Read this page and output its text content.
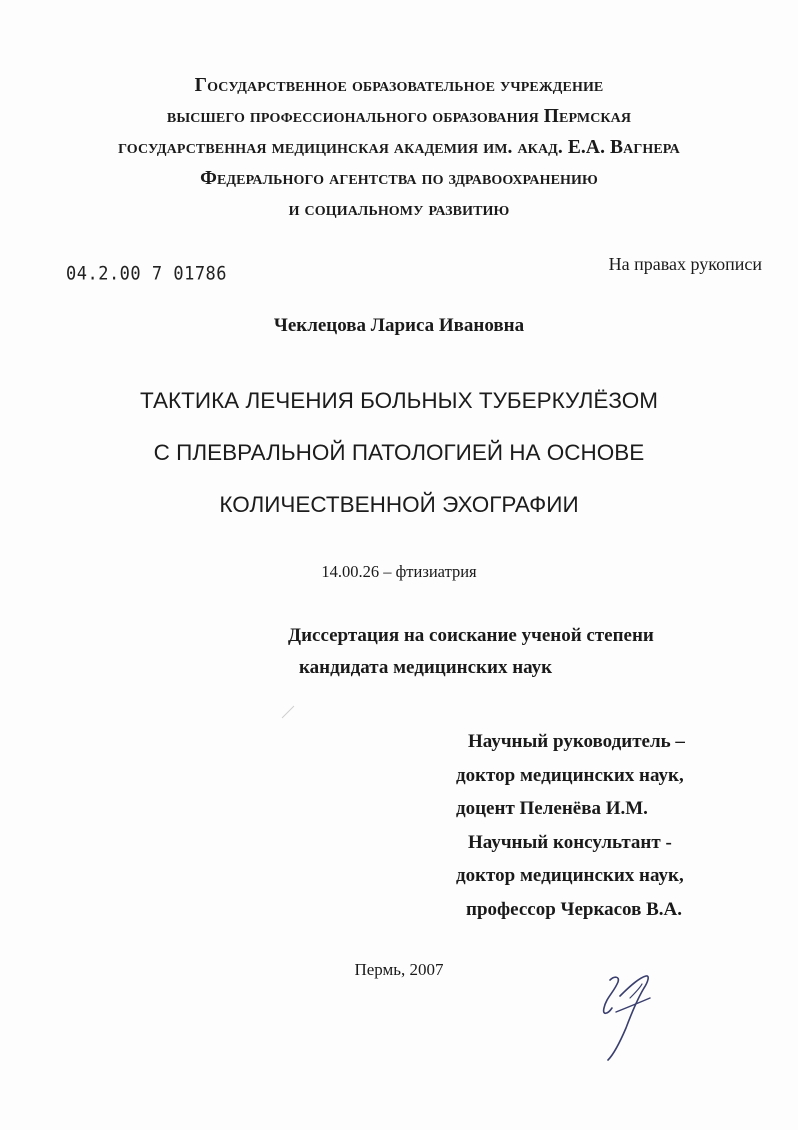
Государственное образовательное учреждение
высшего профессионального образования Пермская
государственная медицинская академия им. акад. Е.А. Вагнера
Федерального агентства по здравоохранению
и социальному развитию
04.2.00 7 01786	На правах рукописи
Чеклецова Лариса Ивановна
ТАКТИКА ЛЕЧЕНИЯ БОЛЬНЫХ ТУБЕРКУЛЁЗОМ
С ПЛЕВРАЛЬНОЙ ПАТОЛОГИЕЙ НА ОСНОВЕ
КОЛИЧЕСТВЕННОЙ ЭХОГРАФИИ
14.00.26 – фтизиатрия
Диссертация на соискание ученой степени
кандидата медицинских наук
Научный руководитель –
доктор медицинских наук,
доцент Пеленёва И.М.
Научный консультант -
доктор медицинских наук,
профессор Черкасов В.А.
Пермь, 2007
